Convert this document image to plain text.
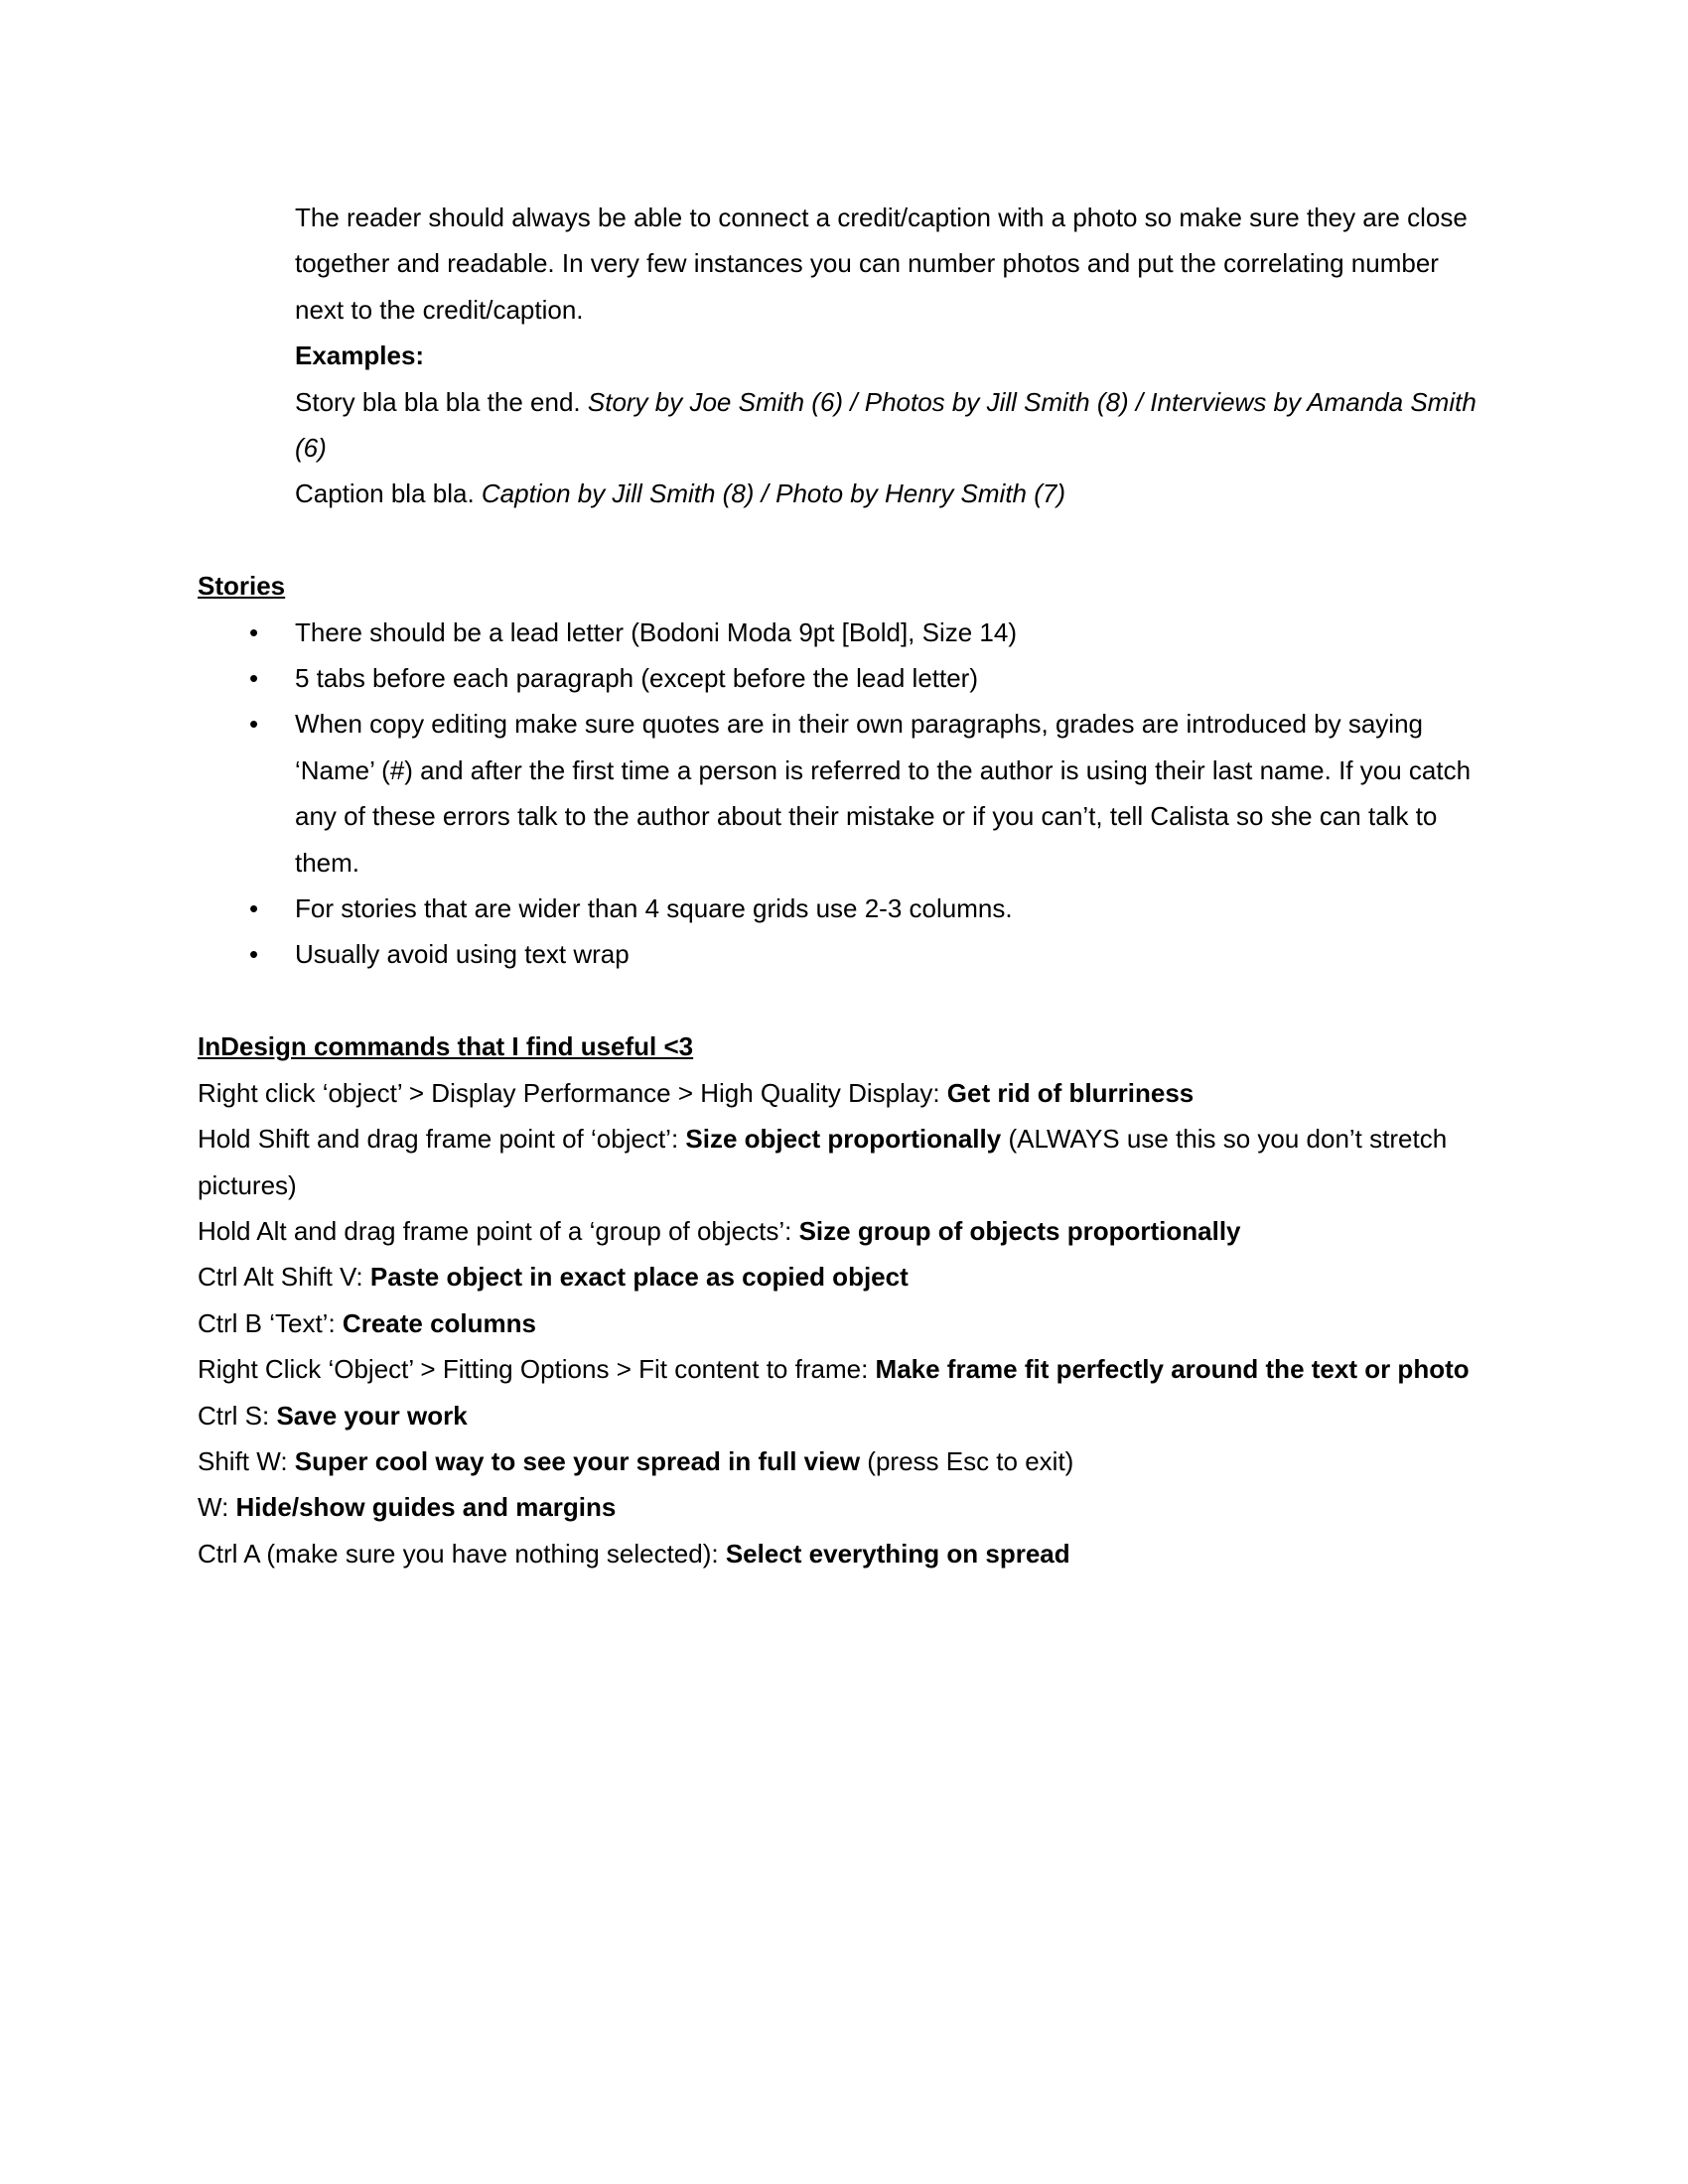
The reader should always be able to connect a credit/caption with a photo so make sure they are close together and readable. In very few instances you can number photos and put the correlating number next to the credit/caption.

Examples:

Story bla bla bla the end. Story by Joe Smith (6) / Photos by Jill Smith (8) / Interviews by Amanda Smith (6)

Caption bla bla. Caption by Jill Smith (8) / Photo by Henry Smith (7)

Stories

• There should be a lead letter (Bodoni Moda 9pt [Bold], Size 14)
• 5 tabs before each paragraph (except before the lead letter)
• When copy editing make sure quotes are in their own paragraphs, grades are introduced by saying ‘Name’ (#) and after the first time a person is referred to the author is using their last name. If you catch any of these errors talk to the author about their mistake or if you can’t, tell Calista so she can talk to them.
• For stories that are wider than 4 square grids use 2-3 columns.
• Usually avoid using text wrap

InDesign commands that I find useful <3

Right click ‘object’ > Display Performance > High Quality Display: Get rid of blurriness

Hold Shift and drag frame point of ‘object’: Size object proportionally (ALWAYS use this so you don’t stretch pictures)

Hold Alt and drag frame point of a ‘group of objects’: Size group of objects proportionally

Ctrl Alt Shift V: Paste object in exact place as copied object

Ctrl B ‘Text’: Create columns

Right Click ‘Object’ > Fitting Options > Fit content to frame: Make frame fit perfectly around the text or photo

Ctrl S: Save your work

Shift W: Super cool way to see your spread in full view (press Esc to exit)

W: Hide/show guides and margins

Ctrl A (make sure you have nothing selected): Select everything on spread
